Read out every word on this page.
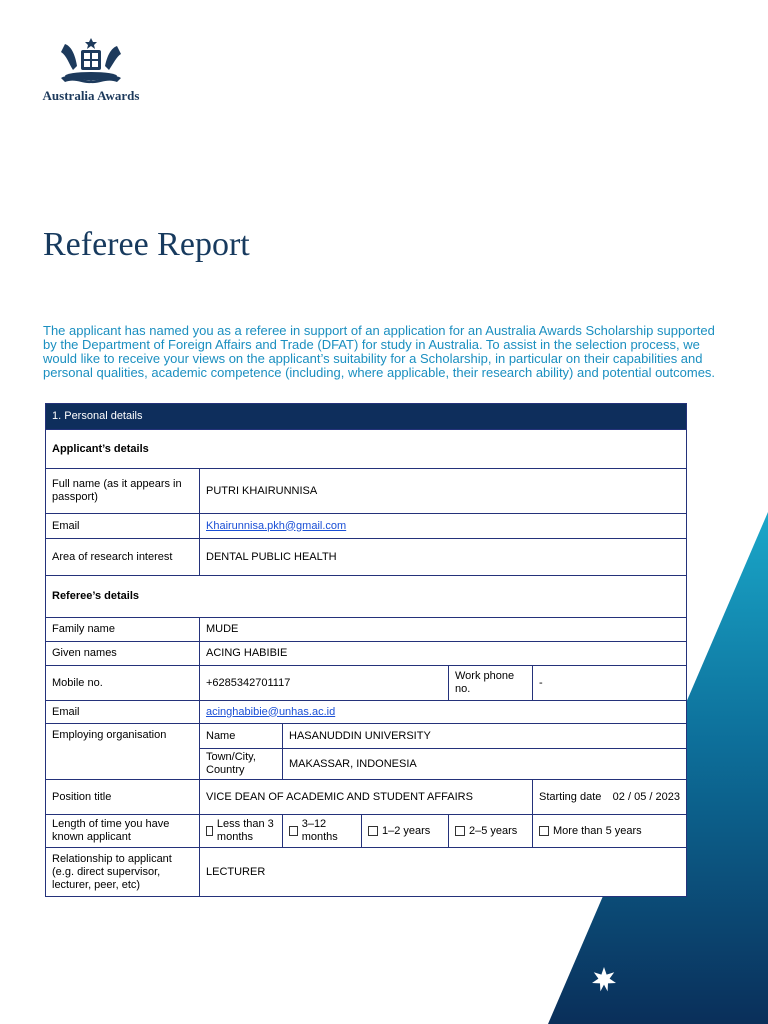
Australia Awards
Referee Report

The applicant has named you as a referee in support of an application for an Australia Awards Scholarship supported by the Department of Foreign Affairs and Trade (DFAT) for study in Australia. To assist in the selection process, we would like to receive your views on the applicant’s suitability for a Scholarship, in particular on their capabilities and personal qualities, academic competence (including, where applicable, their research ability) and potential outcomes.

1. Personal details					
Applicant’s details					
Full name (as it appears in passport)	PUTRI KHAIRUNNISA				
Email	Khairunnisa.pkh@gmail.com				
Area of research interest	DENTAL PUBLIC HEALTH				
Referee’s details					
Family name	MUDE				
Given names	ACING HABIBIE				
Mobile no.	+6285342701117			Work phone no.	-
Email	acinghabibie@unhas.ac.id				
Employing organisation	Name	HASANUDDIN UNIVERSITY			
	Town/City, Country	MAKASSAR, INDONESIA			
Position title	VICE DEAN OF ACADEMIC AND STUDENT AFFAIRS				Starting date 02 / 05 / 2023

Length of time you have known applicant	Less than 3 months	3–12 months	1–2 years	2–5 years	More than 5 years

Relationship to applicant (e.g. direct supervisor, lecturer, peer, etc)	LECTURER				
